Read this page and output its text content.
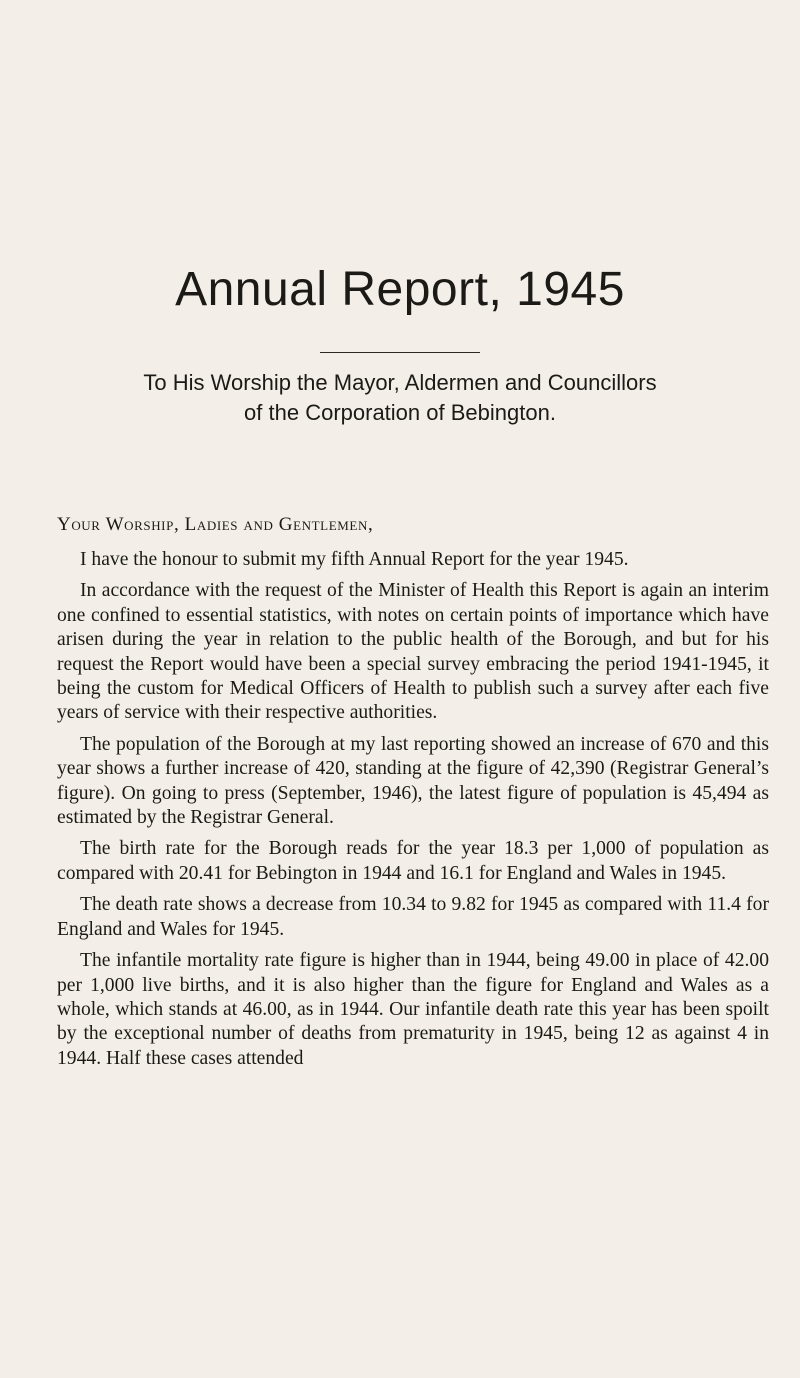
Annual Report, 1945
To His Worship the Mayor, Aldermen and Councillors
of the Corporation of Bebington.
Your Worship, Ladies and Gentlemen,

I have the honour to submit my fifth Annual Report for the year 1945.

In accordance with the request of the Minister of Health this Report is again an interim one confined to essential statistics, with notes on certain points of importance which have arisen during the year in relation to the public health of the Borough, and but for his request the Report would have been a special survey embracing the period 1941-1945, it being the custom for Medical Officers of Health to publish such a survey after each five years of service with their respective authorities.

The population of the Borough at my last reporting showed an increase of 670 and this year shows a further increase of 420, standing at the figure of 42,390 (Registrar General’s figure). On going to press (September, 1946), the latest figure of population is 45,494 as estimated by the Registrar General.

The birth rate for the Borough reads for the year 18.3 per 1,000 of population as compared with 20.41 for Bebington in 1944 and 16.1 for England and Wales in 1945.

The death rate shows a decrease from 10.34 to 9.82 for 1945 as compared with 11.4 for England and Wales for 1945.

The infantile mortality rate figure is higher than in 1944, being 49.00 in place of 42.00 per 1,000 live births, and it is also higher than the figure for England and Wales as a whole, which stands at 46.00, as in 1944. Our infantile death rate this year has been spoilt by the exceptional number of deaths from prematurity in 1945, being 12 as against 4 in 1944. Half these cases attended
